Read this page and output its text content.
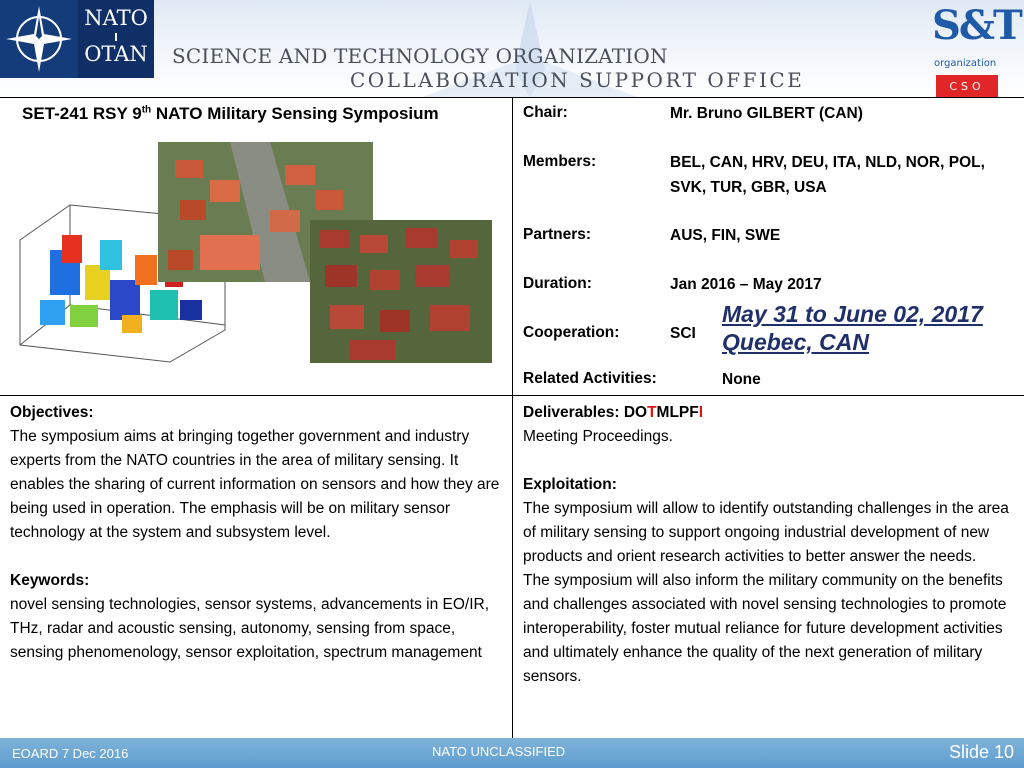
NATO
OTAN	SCIENCE AND TECHNOLOGY ORGANIZATION
COLLABORATION SUPPORT OFFICE
S&T
organization
CSO
SET-241 RSY 9th NATO Military Sensing Symposium	Chair:	Mr. Bruno GILBERT (CAN)
Members:	BEL, CAN, HRV, DEU, ITA, NLD, NOR, POL, SVK, TUR, GBR, USA
Partners:	AUS, FIN, SWE
Duration:	Jan 2016 – May 2017
Cooperation:	SCI
May 31 to June 02, 2017
Quebec, CAN
Related Activities:	None
Objectives:
The symposium aims at bringing together government and industry experts from the NATO countries in the area of military sensing. It enables the sharing of current information on sensors and how they are being used in operation. The emphasis will be on military sensor technology at the system and subsystem level.
Keywords:
novel sensing technologies, sensor systems, advancements in EO/IR, THz, radar and acoustic sensing, autonomy, sensing from space, sensing phenomenology, sensor exploitation, spectrum management
Deliverables: DOTMLPFI
Meeting Proceedings.
Exploitation:
The symposium will allow to identify outstanding challenges in the area of military sensing to support ongoing industrial development of new products and orient research activities to better answer the needs.
The symposium will also inform the military community on the benefits and challenges associated with novel sensing technologies to promote interoperability, foster mutual reliance for future development activities and ultimately enhance the quality of the next generation of military sensors.
EOARD 7 Dec 2016	NATO UNCLASSIFIED	Slide 10
